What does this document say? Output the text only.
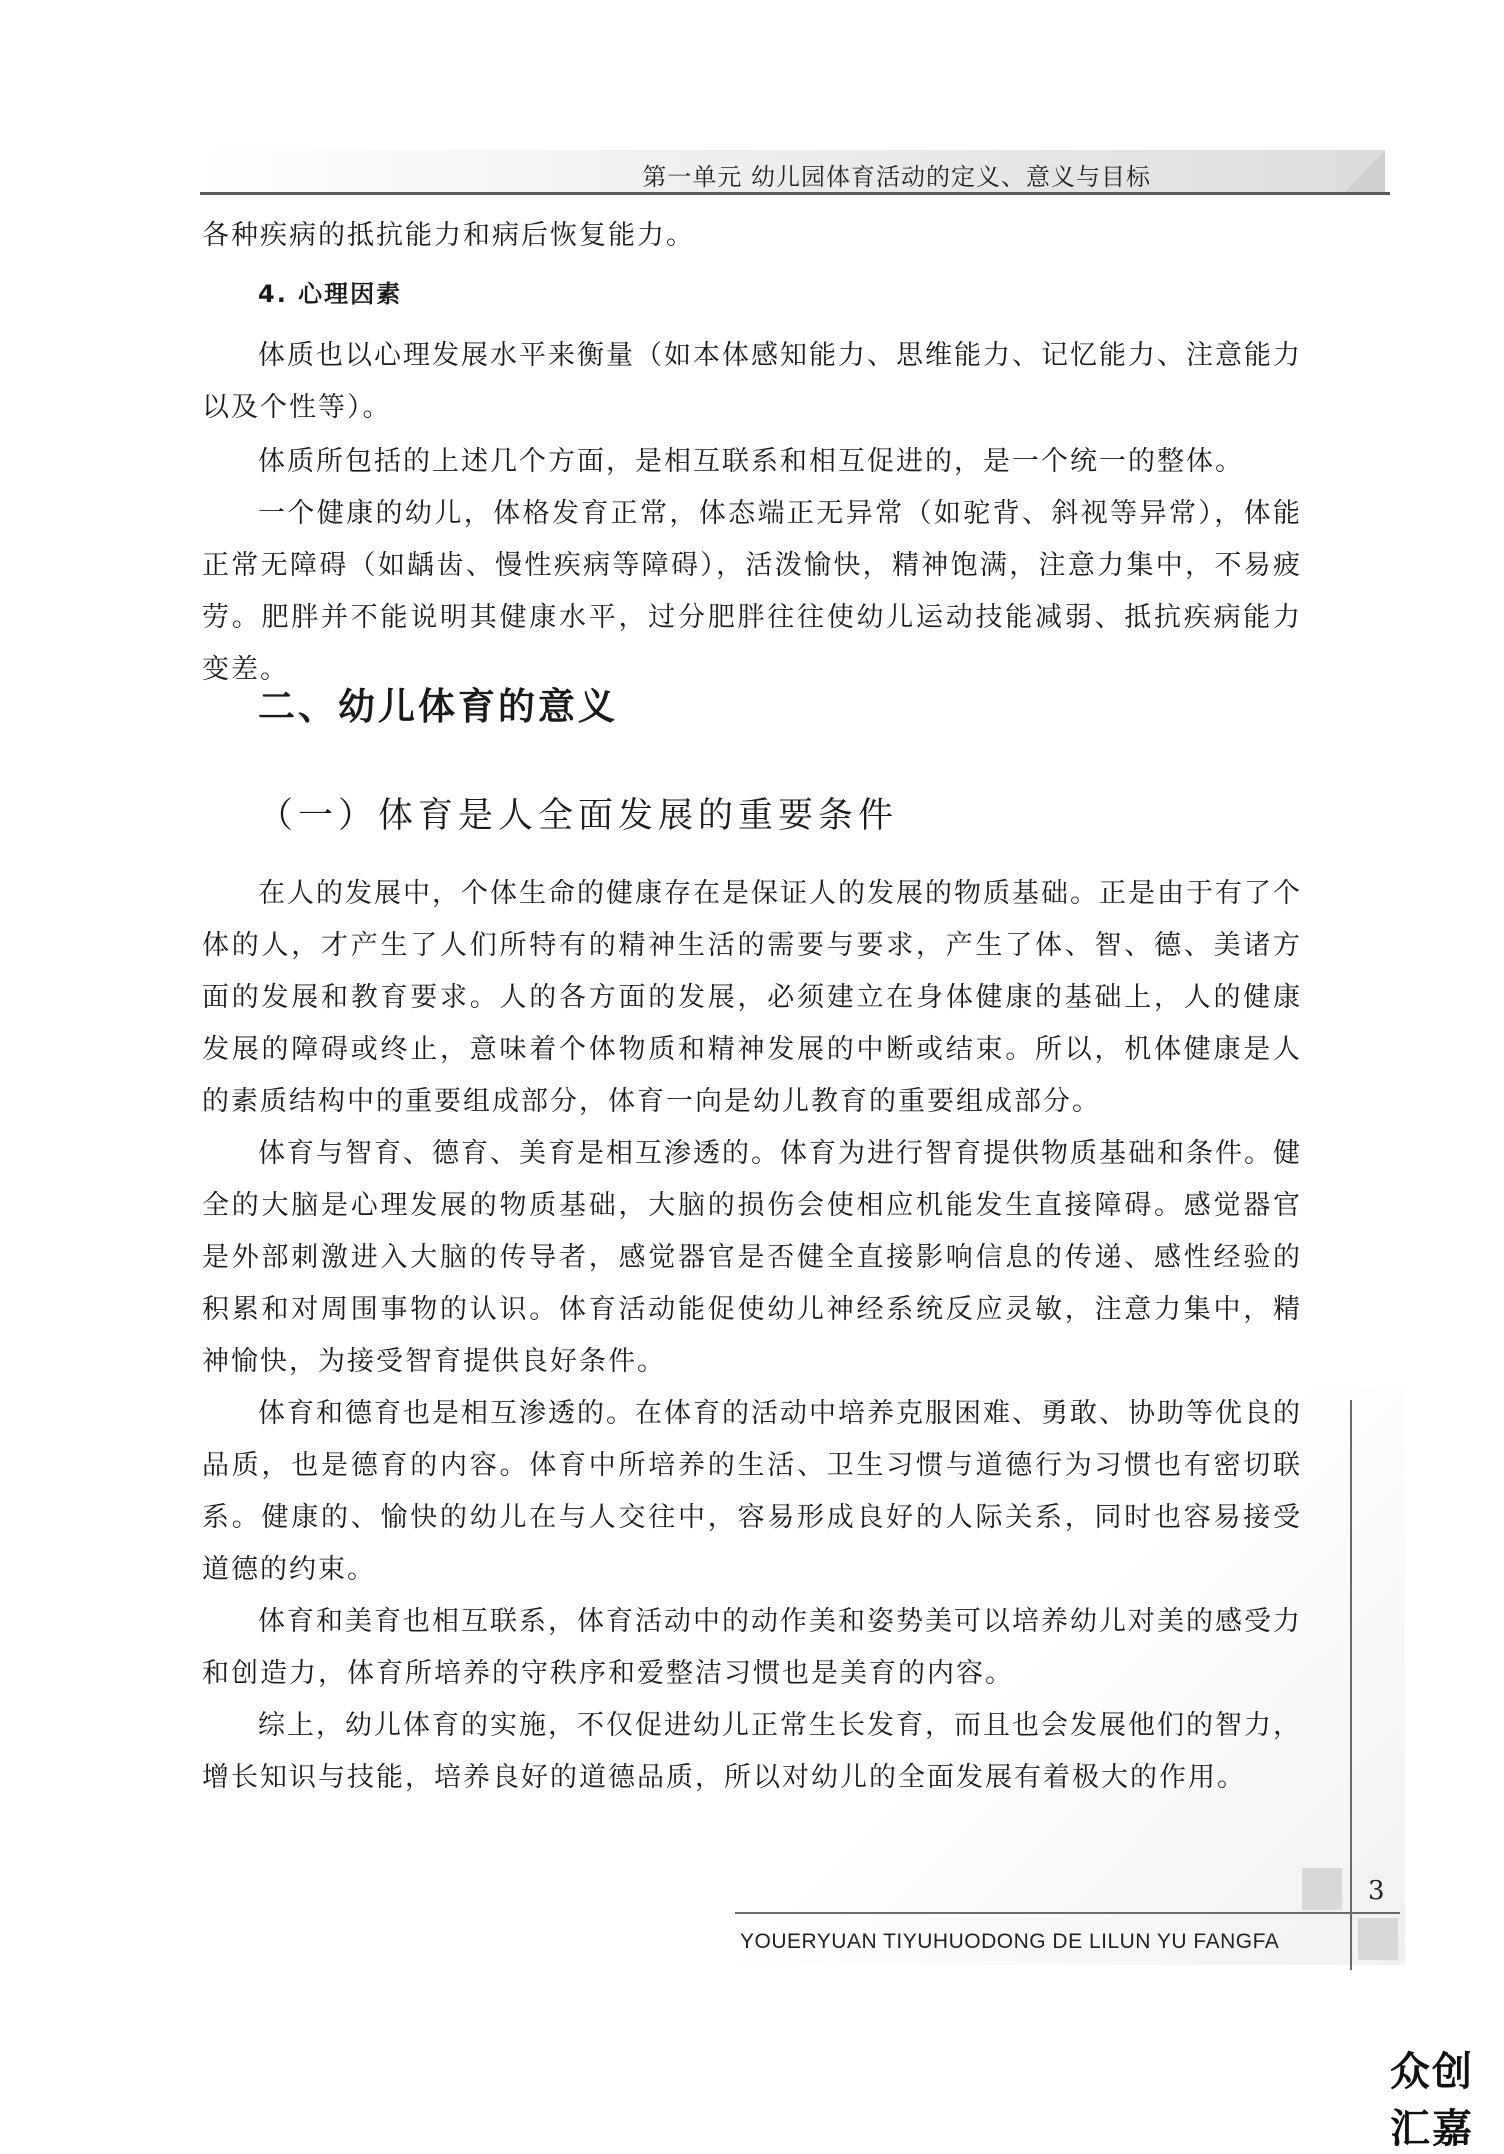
第一单元 幼儿园体育活动的定义、意义与目标

各种疾病的抵抗能力和病后恢复能力。

4. 心理因素

体质也以心理发展水平来衡量（如本体感知能力、思维能力、记忆能力、注意能力以及个性等）。

体质所包括的上述几个方面，是相互联系和相互促进的，是一个统一的整体。

一个健康的幼儿，体格发育正常，体态端正无异常（如驼背、斜视等异常），体能正常无障碍（如龋齿、慢性疾病等障碍），活泼愉快，精神饱满，注意力集中，不易疲劳。肥胖并不能说明其健康水平，过分肥胖往往使幼儿运动技能减弱、抵抗疾病能力变差。

二、幼儿体育的意义
（一）体育是人全面发展的重要条件

在人的发展中，个体生命的健康存在是保证人的发展的物质基础。正是由于有了个体的人，才产生了人们所特有的精神生活的需要与要求，产生了体、智、德、美诸方面的发展和教育要求。人的各方面的发展，必须建立在身体健康的基础上，人的健康发展的障碍或终止，意味着个体物质和精神发展的中断或结束。所以，机体健康是人的素质结构中的重要组成部分，体育一向是幼儿教育的重要组成部分。

体育与智育、德育、美育是相互渗透的。体育为进行智育提供物质基础和条件。健全的大脑是心理发展的物质基础，大脑的损伤会使相应机能发生直接障碍。感觉器官是外部刺激进入大脑的传导者，感觉器官是否健全直接影响信息的传递、感性经验的积累和对周围事物的认识。体育活动能促使幼儿神经系统反应灵敏，注意力集中，精神愉快，为接受智育提供良好条件。

体育和德育也是相互渗透的。在体育的活动中培养克服困难、勇敢、协助等优良的品质，也是德育的内容。体育中所培养的生活、卫生习惯与道德行为习惯也有密切联系。健康的、愉快的幼儿在与人交往中，容易形成良好的人际关系，同时也容易接受道德的约束。

体育和美育也相互联系，体育活动中的动作美和姿势美可以培养幼儿对美的感受力和创造力，体育所培养的守秩序和爱整洁习惯也是美育的内容。

综上，幼儿体育的实施，不仅促进幼儿正常生长发育，而且也会发展他们的智力，增长知识与技能，培养良好的道德品质，所以对幼儿的全面发展有着极大的作用。

3
YOUERYUAN TIYUHUODONG DE LILUN YU FANGFA
众创汇嘉
